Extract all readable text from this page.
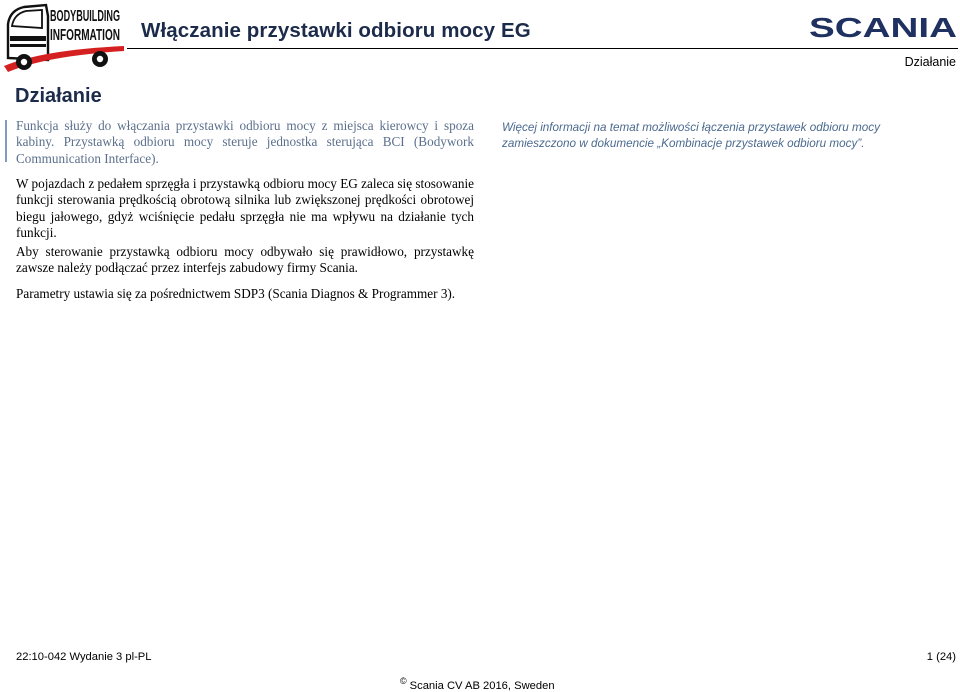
BODYBUILDING
INFORMATION Włączanie przystawki odbioru mocy EG	SCANIA
Działanie
Działanie

Funkcja służy do włączania przystawki odbioru mocy z miejsca kierowcy i spoza kabiny. Przystawką odbioru mocy steruje jednostka sterująca BCI (Bodywork Communication Interface).

Więcej informacji na temat możliwości łączenia przystawek odbioru mocy zamieszczono w dokumencie „Kombinacje przystawek odbioru mocy”.

W pojazdach z pedałem sprzęgła i przystawką odbioru mocy EG zaleca się stosowanie funkcji sterowania prędkością obrotową silnika lub zwiększonej prędkości obrotowej biegu jałowego, gdyż wciśnięcie pedału sprzęgła nie ma wpływu na działanie tych funkcji.

Aby sterowanie przystawką odbioru mocy odbywało się prawidłowo, przystawkę zawsze należy podłączać przez interfejs zabudowy firmy Scania.

Parametry ustawia się za pośrednictwem SDP3 (Scania Diagnos & Programmer 3).

22:10-042 Wydanie 3 pl-PL	1 (24)
© Scania CV AB 2016, Sweden
